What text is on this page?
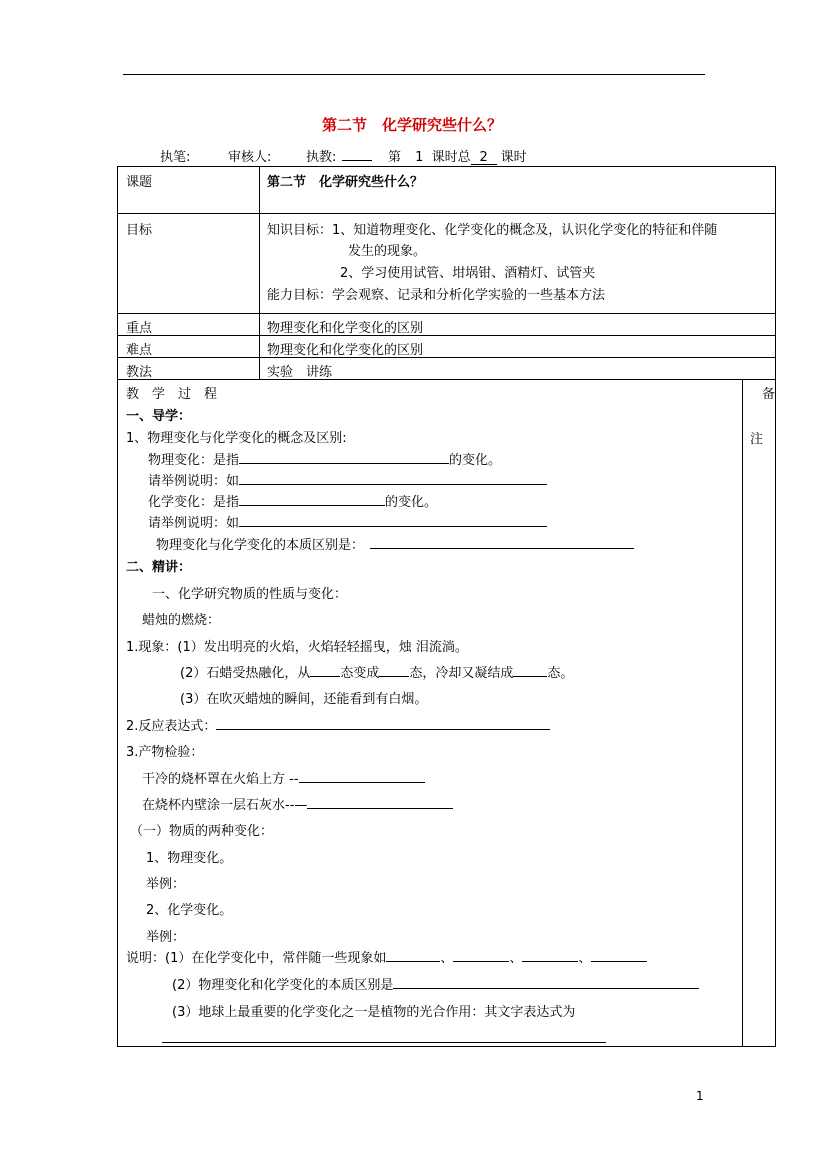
第二节　化学研究些什么？
执笔:	审核人:	执教:	第 1 课时总 2 课时
课题	第二节　化学研究些什么？
目标	知识目标：1、知道物理变化、化学变化的概念及，认识化学变化的特征和伴随
发生的现象。
2、学习使用试管、坩埚钳、酒精灯、试管夹
能力目标：学会观察、记录和分析化学实验的一些基本方法
重点	物理变化和化学变化的区别
难点	物理变化和化学变化的区别
教法	实验　讲练
教　学　过　程	备
注
一、导学：
1、物理变化与化学变化的概念及区别:
物理变化：是指	的变化。
请举例说明：如
化学变化：是指	的变化。
请举例说明：如
物理变化与化学变化的本质区别是：
二、精讲：
一、化学研究物质的性质与变化：
蜡烛的燃烧：
1.现象：(1）发出明亮的火焰，火焰轻轻摇曳，烛 泪流淌。
(2）石蜡受热融化，从 态变成 态，冷却又凝结成	态。
(3）在吹灭蜡烛的瞬间，还能看到有白烟。
2.反应表达式：
3.产物检验：
干冷的烧杯罩在火焰上方 --
在烧杯内壁涂一层石灰水--—
（一）物质的两种变化：
1、物理变化。
举例：
2、化学变化。
举例：
说明：(1）在化学变化中，常伴随一些现象如	、	、	、
(2）物理变化和化学变化的本质区别是
(3）地球上最重要的化学变化之一是植物的光合作用：其文字表达式为
1
